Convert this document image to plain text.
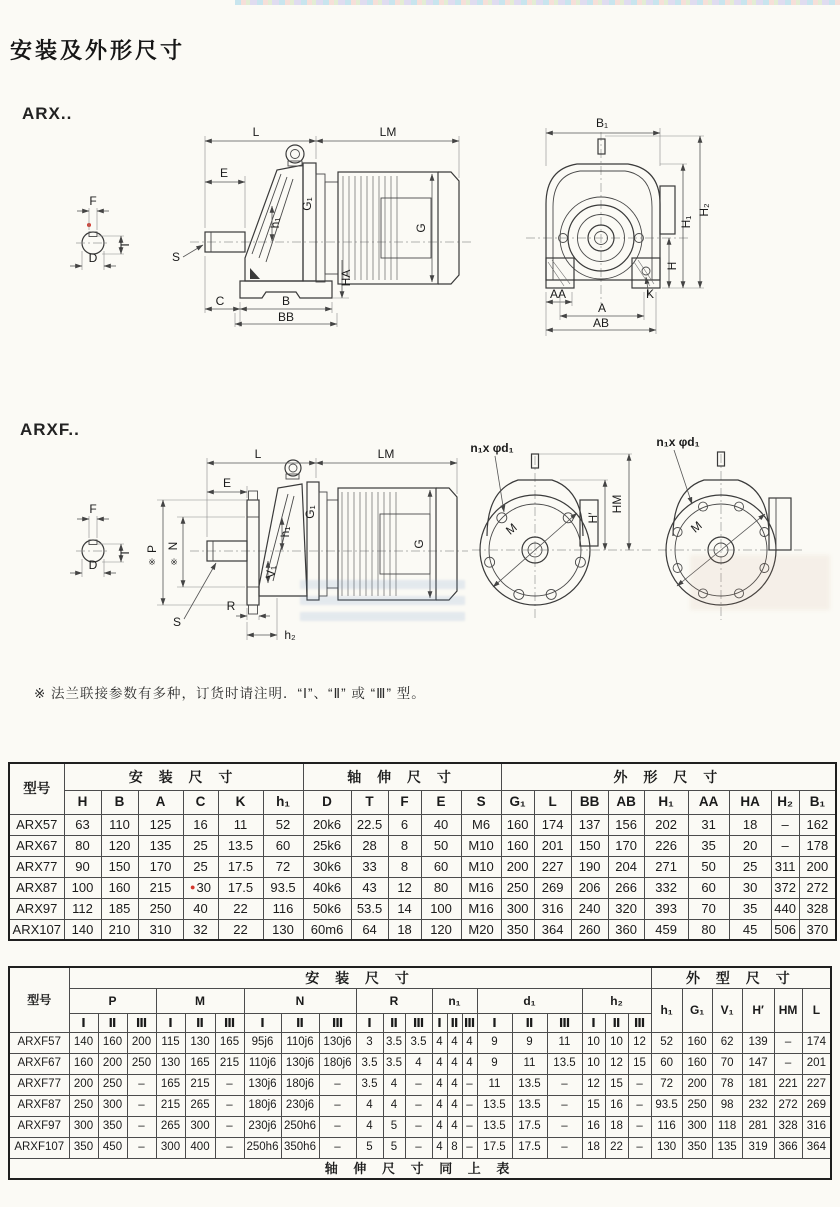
安装及外形尺寸
ARX..
ARXF..
L	LM
E
F
T
D	S
C	B
BB
HA
G₁
h₁	G
B₁
H₁
H₂
H
AA
A
AB
K
L	LM
E
F
T
D
P
※
N
※
S
R
h₂
V₁
h₁
G₁
G
n₁x φd₁	n₁x φd₁
M	M
H′
HM
※ 法兰联接参数有多种，订货时请注明．“Ⅰ”、“Ⅱ” 或 “Ⅲ” 型。
型号	安 装 尺 寸						轴 伸 尺 寸					外 形 尺 寸								
	H	B	A	C	K	h₁	D	T	F	E	S	G₁	L	BB	AB	H₁	AA	HA	H₂	B₁
ARX57	63	110	125	16	11	52	20k6	22.5	6	40	M6	160	174	137	156	202	31	18	–	162
ARX67	80	120	135	25	13.5	60	25k6	28	8	50	M10	160	201	150	170	226	35	20	–	178
ARX77	90	150	170	25	17.5	72	30k6	33	8	60	M10	200	227	190	204	271	50	25	311	200
ARX87	100	160	215	●30	17.5	93.5	40k6	43	12	80	M16	250	269	206	266	332	60	30	372	272
ARX97	112	185	250	40	22	116	50k6	53.5	14	100	M16	300	316	240	320	393	70	35	440	328
ARX107	140	210	310	32	22	130	60m6	64	18	120	M20	350	364	260	360	459	80	45	506	370
型号	安 装 尺 寸																					外 型 尺 寸					
	P			M			N			R			n₁			d₁			h₂			h₁	G₁	V₁	H′	HM	L
	Ⅰ	Ⅱ	Ⅲ	Ⅰ	Ⅱ	Ⅲ	Ⅰ	Ⅱ	Ⅲ	Ⅰ	Ⅱ	Ⅲ	Ⅰ	Ⅱ	Ⅲ	Ⅰ	Ⅱ	Ⅲ	Ⅰ	Ⅱ	Ⅲ						
ARXF57	140	160	200	115	130	165	95j6	110j6	130j6	3	3.5	3.5	4	4	4	9	9	11	10	10	12	52	160	62	139	–	174
ARXF67	160	200	250	130	165	215	110j6	130j6	180j6	3.5	3.5	4	4	4	4	9	11	13.5	10	12	15	60	160	70	147	–	201
ARXF77	200	250	–	165	215	–	130j6	180j6	–	3.5	4	–	4	4	–	11	13.5	–	12	15	–	72	200	78	181	221	227
ARXF87	250	300	–	215	265	–	180j6	230j6	–	4	4	–	4	4	–	13.5	13.5	–	15	16	–	93.5	250	98	232	272	269
ARXF97	300	350	–	265	300	–	230j6	250h6	–	4	5	–	4	4	–	13.5	17.5	–	16	18	–	116	300	118	281	328	316
ARXF107	350	450	–	300	400	–	250h6	350h6	–	5	5	–	4	8	–	17.5	17.5	–	18	22	–	130	350	135	319	366	364
轴 伸 尺 寸 同 上 表																											
